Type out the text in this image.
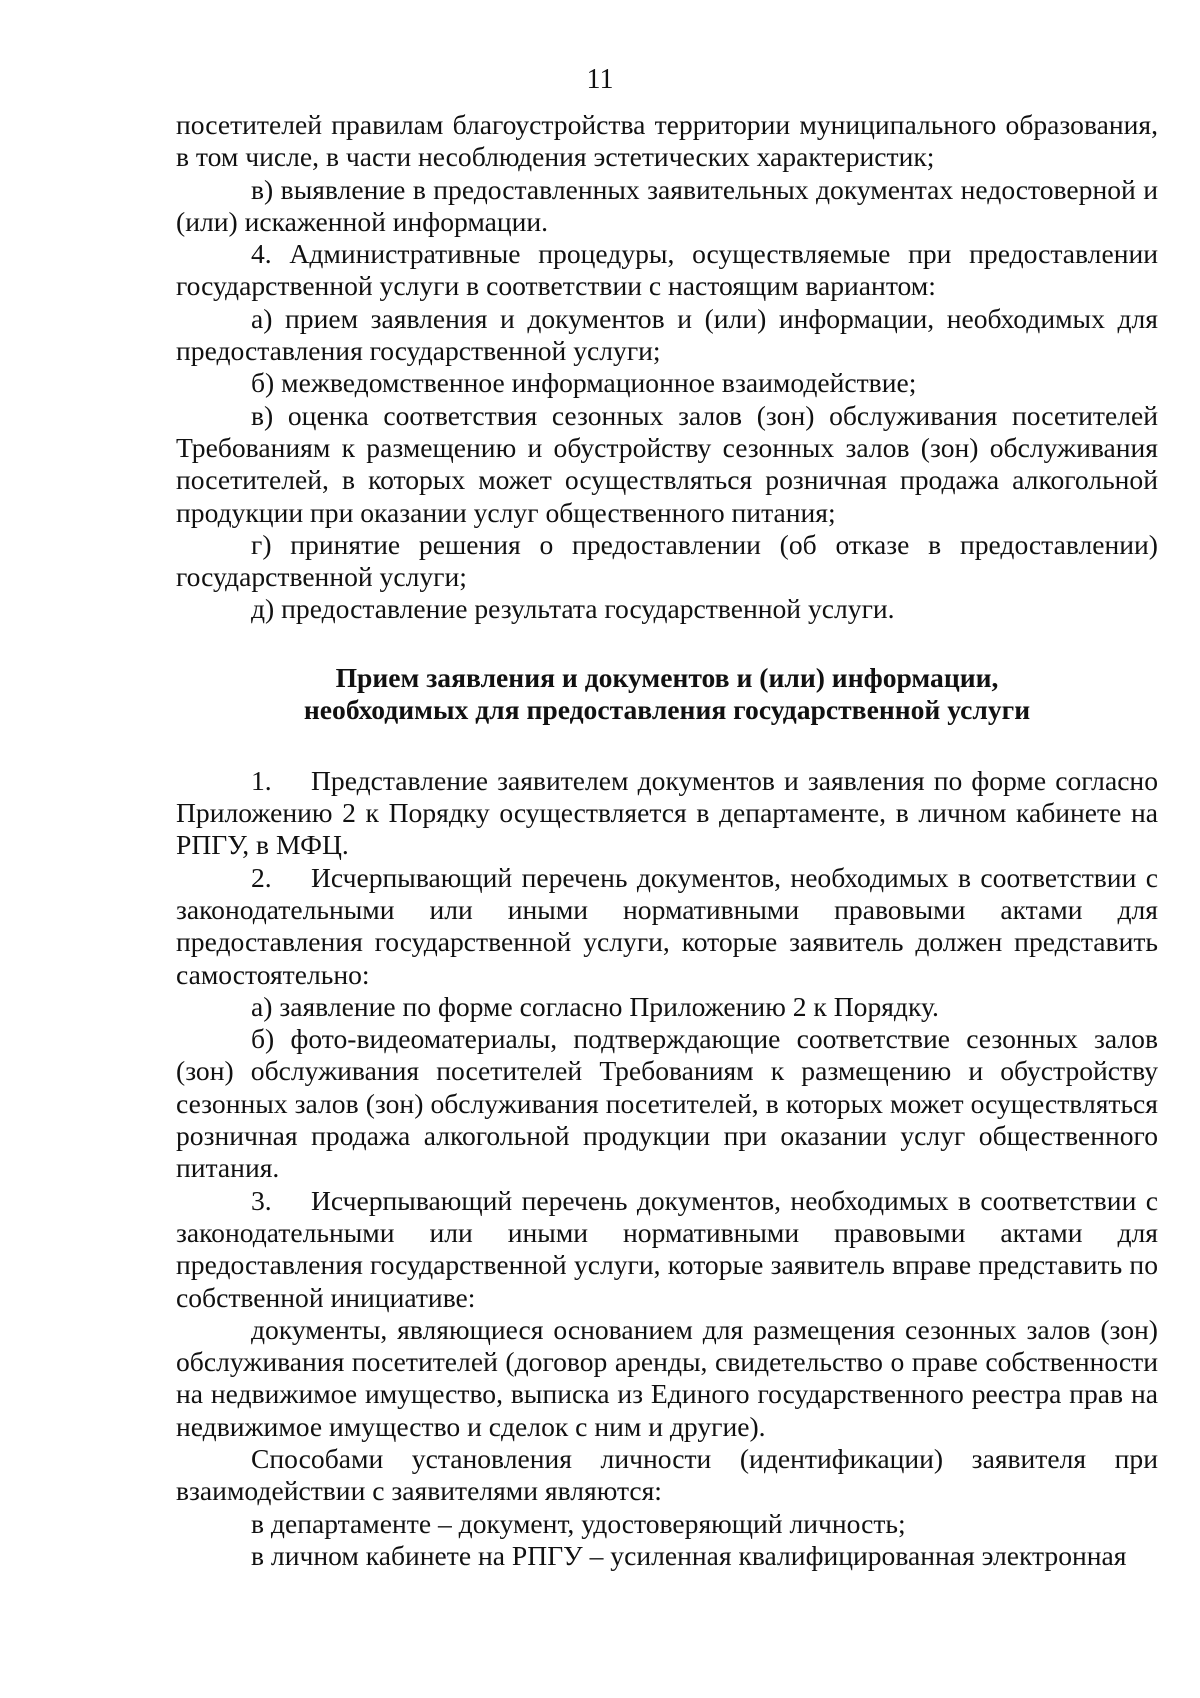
11

посетителей правилам благоустройства территории муниципального образования, в том числе, в части несоблюдения эстетических характеристик;

в) выявление в предоставленных заявительных документах недостоверной и (или) искаженной информации.

4. Административные процедуры, осуществляемые при предоставлении государственной услуги в соответствии с настоящим вариантом:

а) прием заявления и документов и (или) информации, необходимых для предоставления государственной услуги;

б) межведомственное информационное взаимодействие;

в) оценка соответствия сезонных залов (зон) обслуживания посетителей Требованиям к размещению и обустройству сезонных залов (зон) обслуживания посетителей, в которых может осуществляться розничная продажа алкогольной продукции при оказании услуг общественного питания;

г) принятие решения о предоставлении (об отказе в предоставлении) государственной услуги;

д) предоставление результата государственной услуги.

Прием заявления и документов и (или) информации,
необходимых для предоставления государственной услуги

1. Представление заявителем документов и заявления по форме согласно Приложению 2 к Порядку осуществляется в департаменте, в личном кабинете на РПГУ, в МФЦ.

2. Исчерпывающий перечень документов, необходимых в соответствии с законодательными или иными нормативными правовыми актами для предоставления государственной услуги, которые заявитель должен представить самостоятельно:

а) заявление по форме согласно Приложению 2 к Порядку.

б) фото-видеоматериалы, подтверждающие соответствие сезонных залов (зон) обслуживания посетителей Требованиям к размещению и обустройству сезонных залов (зон) обслуживания посетителей, в которых может осуществляться розничная продажа алкогольной продукции при оказании услуг общественного питания.

3. Исчерпывающий перечень документов, необходимых в соответствии с законодательными или иными нормативными правовыми актами для предоставления государственной услуги, которые заявитель вправе представить по собственной инициативе:

документы, являющиеся основанием для размещения сезонных залов (зон) обслуживания посетителей (договор аренды, свидетельство о праве собственности на недвижимое имущество, выписка из Единого государственного реестра прав на недвижимое имущество и сделок с ним и другие).

Способами установления личности (идентификации) заявителя при взаимодействии с заявителями являются:

в департаменте – документ, удостоверяющий личность;

в личном кабинете на РПГУ – усиленная квалифицированная электронная
